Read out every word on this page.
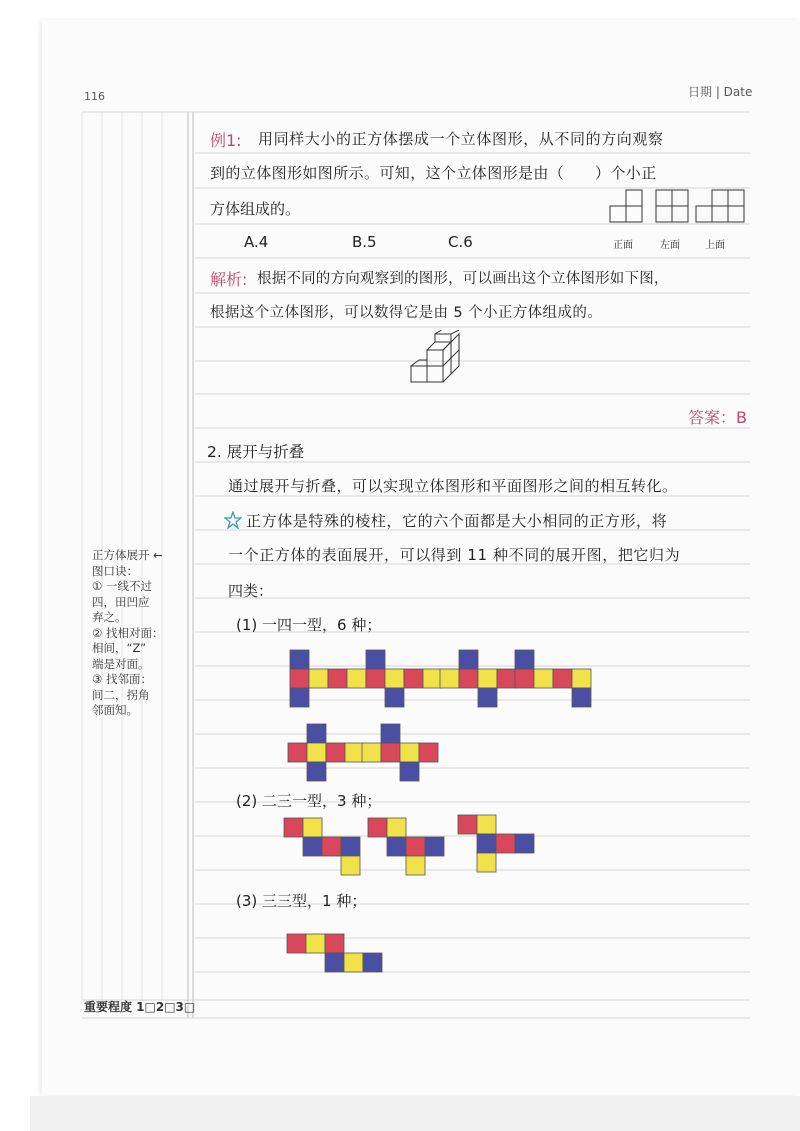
116	日期 | Date
例1: 用同样大小的正方体摆成一个立体图形，从不同的方向观察
到的立体图形如图所示。可知，这个立体图形是由（　　）个小正
方体组成的。
A.4	B.5	C.6	正面	左面	上面
解析: 根据不同的方向观察到的图形，可以画出这个立体图形如下图，
根据这个立体图形，可以数得它是由 5 个小正方体组成的。
答案：B
2. 展开与折叠
通过展开与折叠，可以实现立体图形和平面图形之间的相互转化。
正方体是特殊的棱柱，它的六个面都是大小相同的正方形，将
一个正方体的表面展开，可以得到 11 种不同的展开图，把它归为
四类：
(1) 一四一型，6 种；
(2) 二三一型，3 种；
(3) 三三型，1 种；
正方体展开 ←
图口诀：
① 一线不过
四，田凹应
弃之。
② 找相对面：
相间，“Z”
端是对面。
③ 找邻面：
间二，拐角
邻面知。
重要程度 1□2□3□
